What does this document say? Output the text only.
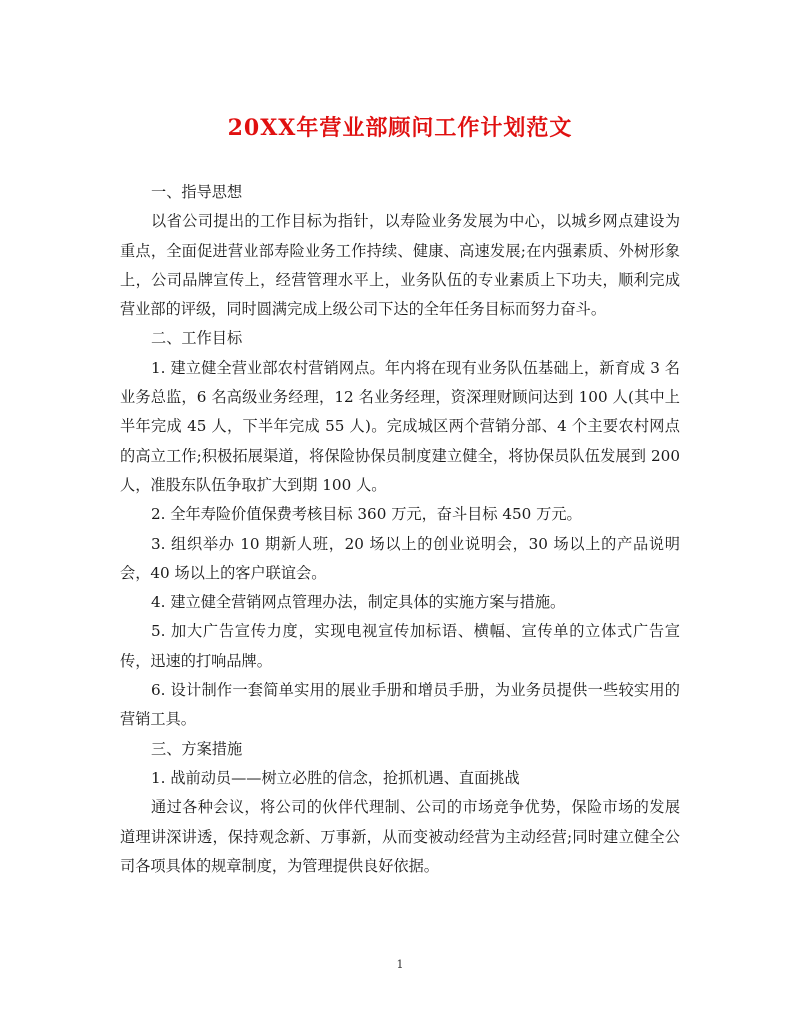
20XX年营业部顾问工作计划范文

一、指导思想

以省公司提出的工作目标为指针，以寿险业务发展为中心，以城乡网点建设为重点，全面促进营业部寿险业务工作持续、健康、高速发展;在内强素质、外树形象上，公司品牌宣传上，经营管理水平上，业务队伍的专业素质上下功夫，顺利完成营业部的评级，同时圆满完成上级公司下达的全年任务目标而努力奋斗。

二、工作目标

1. 建立健全营业部农村营销网点。年内将在现有业务队伍基础上，新育成 3 名业务总监，6 名高级业务经理，12 名业务经理，资深理财顾问达到 100 人(其中上半年完成 45 人，下半年完成 55 人)。完成城区两个营销分部、4 个主要农村网点的高立工作;积极拓展渠道，将保险协保员制度建立健全，将协保员队伍发展到 200 人，准股东队伍争取扩大到期 100 人。

2. 全年寿险价值保费考核目标 360 万元，奋斗目标 450 万元。

3. 组织举办 10 期新人班，20 场以上的创业说明会，30 场以上的产品说明会，40 场以上的客户联谊会。

4. 建立健全营销网点管理办法，制定具体的实施方案与措施。

5. 加大广告宣传力度，实现电视宣传加标语、横幅、宣传单的立体式广告宣传，迅速的打响品牌。

6. 设计制作一套简单实用的展业手册和增员手册，为业务员提供一些较实用的营销工具。

三、方案措施

1. 战前动员——树立必胜的信念，抢抓机遇、直面挑战

通过各种会议，将公司的伙伴代理制、公司的市场竞争优势，保险市场的发展道理讲深讲透，保持观念新、万事新，从而变被动经营为主动经营;同时建立健全公司各项具体的规章制度，为管理提供良好依据。

1
